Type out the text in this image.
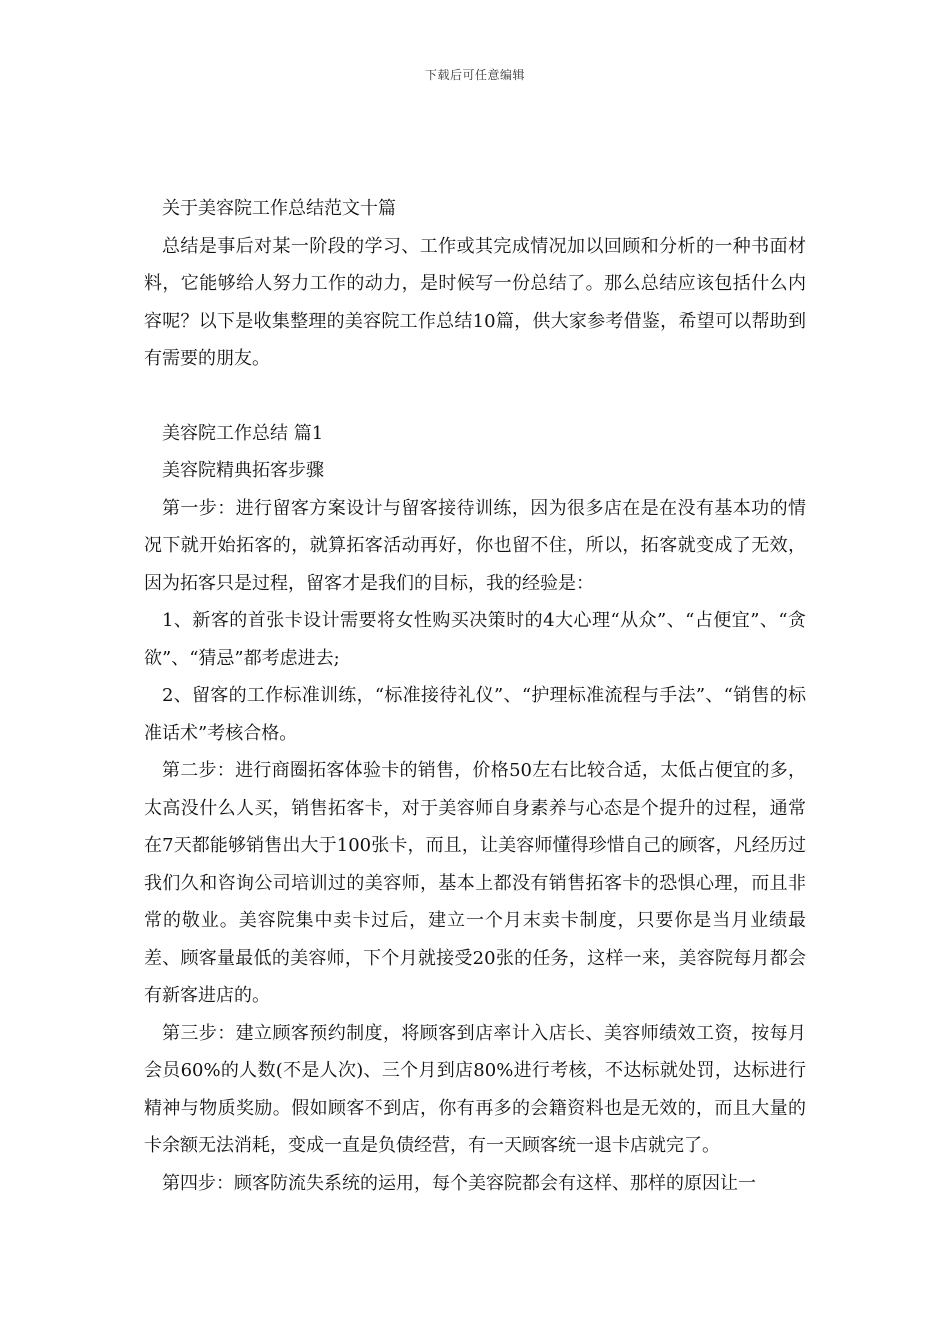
下载后可任意编辑

关于美容院工作总结范文十篇

总结是事后对某一阶段的学习、工作或其完成情况加以回顾和分析的一种书面材料，它能够给人努力工作的动力，是时候写一份总结了。那么总结应该包括什么内容呢？以下是收集整理的美容院工作总结10篇，供大家参考借鉴，希望可以帮助到有需要的朋友。

美容院工作总结 篇1

美容院精典拓客步骤

第一步：进行留客方案设计与留客接待训练，因为很多店在是在没有基本功的情况下就开始拓客的，就算拓客活动再好，你也留不住，所以，拓客就变成了无效，因为拓客只是过程，留客才是我们的目标，我的经验是：

1、新客的首张卡设计需要将女性购买决策时的4大心理“从众”、“占便宜”、“贪欲”、“猜忌”都考虑进去;

2、留客的工作标准训练，“标准接待礼仪”、“护理标准流程与手法”、“销售的标准话术”考核合格。

第二步：进行商圈拓客体验卡的销售，价格50左右比较合适，太低占便宜的多，太高没什么人买，销售拓客卡，对于美容师自身素养与心态是个提升的过程，通常在7天都能够销售出大于100张卡，而且，让美容师懂得珍惜自己的顾客，凡经历过我们久和咨询公司培训过的美容师，基本上都没有销售拓客卡的恐惧心理，而且非常的敬业。美容院集中卖卡过后，建立一个月末卖卡制度，只要你是当月业绩最差、顾客量最低的美容师，下个月就接受20张的任务，这样一来，美容院每月都会有新客进店的。

第三步：建立顾客预约制度，将顾客到店率计入店长、美容师绩效工资，按每月会员60%的人数(不是人次)、三个月到店80%进行考核，不达标就处罚，达标进行精神与物质奖励。假如顾客不到店，你有再多的会籍资料也是无效的，而且大量的卡余额无法消耗，变成一直是负债经营，有一天顾客统一退卡店就完了。

第四步：顾客防流失系统的运用，每个美容院都会有这样、那样的原因让一
